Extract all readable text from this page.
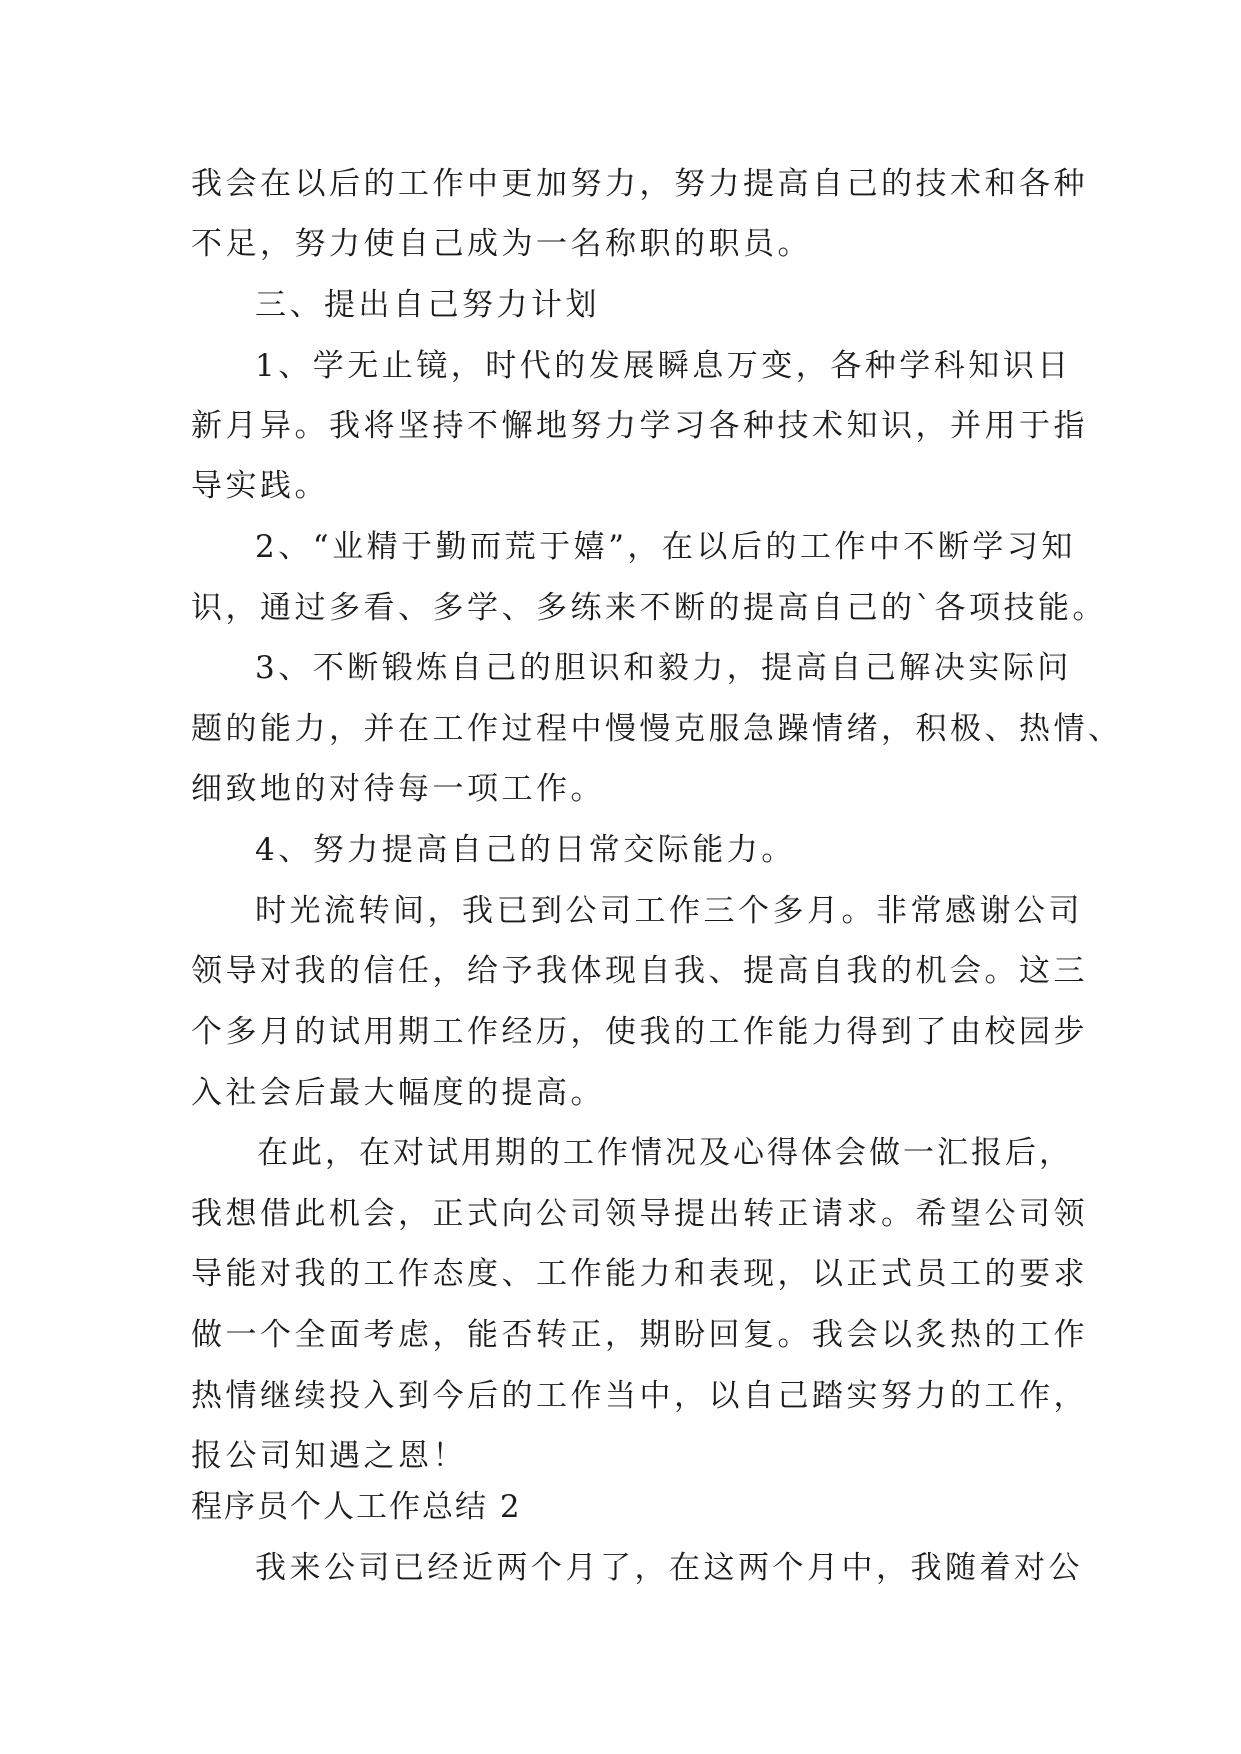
我会在以后的工作中更加努力，努力提高自己的技术和各种
不足，努力使自己成为一名称职的职员。
三、提出自己努力计划
1、学无止镜，时代的发展瞬息万变，各种学科知识日
新月异。我将坚持不懈地努力学习各种技术知识，并用于指
导实践。
2、“业精于勤而荒于嬉”，在以后的工作中不断学习知
识，通过多看、多学、多练来不断的提高自己的`各项技能。
3、不断锻炼自己的胆识和毅力，提高自己解决实际问
题的能力，并在工作过程中慢慢克服急躁情绪，积极、热情、
细致地的对待每一项工作。
4、努力提高自己的日常交际能力。
时光流转间，我已到公司工作三个多月。非常感谢公司
领导对我的信任，给予我体现自我、提高自我的机会。这三
个多月的试用期工作经历，使我的工作能力得到了由校园步
入社会后最大幅度的提高。
在此，在对试用期的工作情况及心得体会做一汇报后，
我想借此机会，正式向公司领导提出转正请求。希望公司领
导能对我的工作态度、工作能力和表现，以正式员工的要求
做一个全面考虑，能否转正，期盼回复。我会以炙热的工作
热情继续投入到今后的工作当中，以自己踏实努力的工作，
报公司知遇之恩！
程序员个人工作总结 2
我来公司已经近两个月了，在这两个月中，我随着对公
